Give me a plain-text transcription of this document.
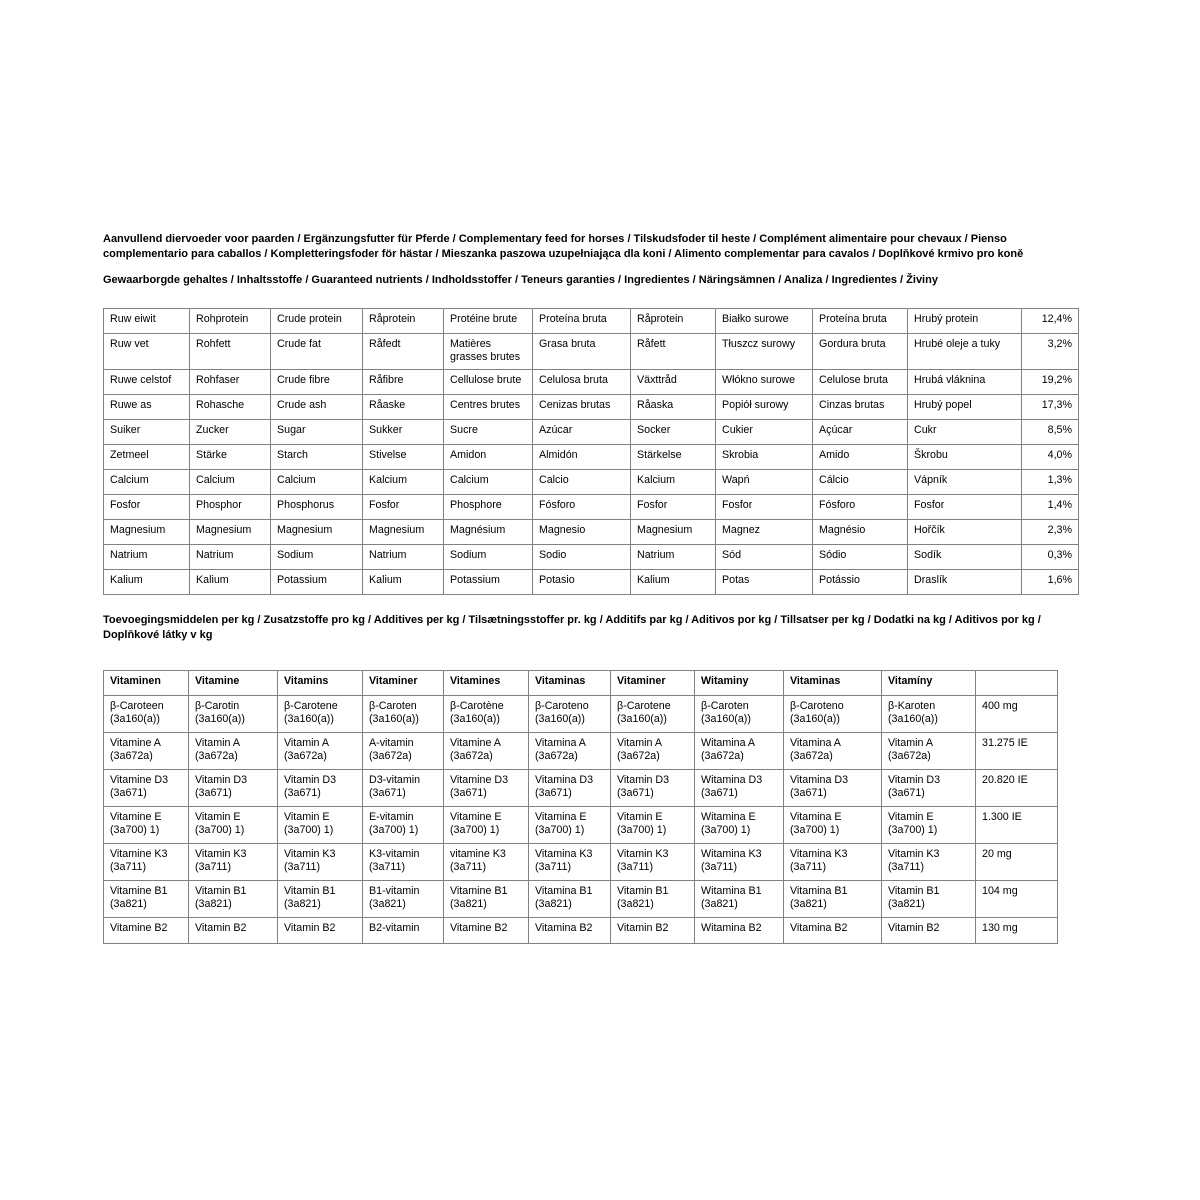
Aanvullend diervoeder voor paarden / Ergänzungsfutter für Pferde / Complementary feed for horses / Tilskudsfoder til heste / Complément alimentaire pour chevaux / Pienso complementario para caballos / Kompletteringsfoder för hästar / Mieszanka paszowa uzupełniająca dla koni / Alimento complementar para cavalos / Doplňkové krmivo pro koně

Gewaarborgde gehaltes / Inhaltsstoffe / Guaranteed nutrients / Indholdsstoffer / Teneurs garanties / Ingredientes / Näringsämnen / Analiza / Ingredientes / Živiny

Ruw eiwit	Rohprotein	Crude protein	Råprotein	Protéine brute	Proteína bruta	Råprotein	Białko surowe	Proteína bruta	Hrubý protein	12,4%
Ruw vet	Rohfett	Crude fat	Råfedt	Matières grasses brutes	Grasa bruta	Råfett	Tłuszcz surowy	Gordura bruta	Hrubé oleje a tuky	3,2%
Ruwe celstof	Rohfaser	Crude fibre	Råfibre	Cellulose brute	Celulosa bruta	Växttråd	Włókno surowe	Celulose bruta	Hrubá vláknina	19,2%
Ruwe as	Rohasche	Crude ash	Råaske	Centres brutes	Cenizas brutas	Råaska	Popiół surowy	Cinzas brutas	Hrubý popel	17,3%
Suiker	Zucker	Sugar	Sukker	Sucre	Azúcar	Socker	Cukier	Açúcar	Cukr	8,5%
Zetmeel	Stärke	Starch	Stivelse	Amidon	Almidón	Stärkelse	Skrobia	Amido	Škrobu	4,0%
Calcium	Calcium	Calcium	Kalcium	Calcium	Calcio	Kalcium	Wapń	Cálcio	Vápník	1,3%
Fosfor	Phosphor	Phosphorus	Fosfor	Phosphore	Fósforo	Fosfor	Fosfor	Fósforo	Fosfor	1,4%
Magnesium	Magnesium	Magnesium	Magnesium	Magnésium	Magnesio	Magnesium	Magnez	Magnésio	Hořčík	2,3%
Natrium	Natrium	Sodium	Natrium	Sodium	Sodio	Natrium	Sód	Sódio	Sodík	0,3%
Kalium	Kalium	Potassium	Kalium	Potassium	Potasio	Kalium	Potas	Potássio	Draslík	1,6%

Toevoegingsmiddelen per kg / Zusatzstoffe pro kg / Additives per kg / Tilsætningsstoffer pr. kg / Additifs par kg / Aditivos por kg / Tillsatser per kg / Dodatki na kg / Aditivos por kg / Doplňkové látky v kg

Vitaminen	Vitamine	Vitamins	Vitaminer	Vitamines	Vitaminas	Vitaminer	Witaminy	Vitaminas	Vitamíny	
β-Caroteen (3a160(a))	β-Carotin (3a160(a))	β-Carotene (3a160(a))	β-Caroten (3a160(a))	β-Carotène (3a160(a))	β-Caroteno (3a160(a))	β-Carotene (3a160(a))	β-Caroten (3a160(a))	β-Caroteno (3a160(a))	β-Karoten (3a160(a))	400 mg
Vitamine A (3a672a)	Vitamin A (3a672a)	Vitamin A (3a672a)	A-vitamin (3a672a)	Vitamine A (3a672a)	Vitamina A (3a672a)	Vitamin A (3a672a)	Witamina A (3a672a)	Vitamina A (3a672a)	Vitamin A (3a672a)	31.275 IE
Vitamine D3 (3a671)	Vitamin D3 (3a671)	Vitamin D3 (3a671)	D3-vitamin (3a671)	Vitamine D3 (3a671)	Vitamina D3 (3a671)	Vitamin D3 (3a671)	Witamina D3 (3a671)	Vitamina D3 (3a671)	Vitamin D3 (3a671)	20.820 IE
Vitamine E (3a700) 1)	Vitamin E (3a700) 1)	Vitamin E (3a700) 1)	E-vitamin (3a700) 1)	Vitamine E (3a700) 1)	Vitamina E (3a700) 1)	Vitamin E (3a700) 1)	Witamina E (3a700) 1)	Vitamina E (3a700) 1)	Vitamin E (3a700) 1)	1.300 IE
Vitamine K3 (3a711)	Vitamin K3 (3a711)	Vitamin K3 (3a711)	K3-vitamin (3a711)	vitamine K3 (3a711)	Vitamina K3 (3a711)	Vitamin K3 (3a711)	Witamina K3 (3a711)	Vitamina K3 (3a711)	Vitamin K3 (3a711)	20 mg
Vitamine B1 (3a821)	Vitamin B1 (3a821)	Vitamin B1 (3a821)	B1-vitamin (3a821)	Vitamine B1 (3a821)	Vitamina B1 (3a821)	Vitamin B1 (3a821)	Witamina B1 (3a821)	Vitamina B1 (3a821)	Vitamin B1 (3a821)	104 mg
Vitamine B2	Vitamin B2	Vitamin B2	B2-vitamin	Vitamine B2	Vitamina B2	Vitamin B2	Witamina B2	Vitamina B2	Vitamin B2	130 mg
